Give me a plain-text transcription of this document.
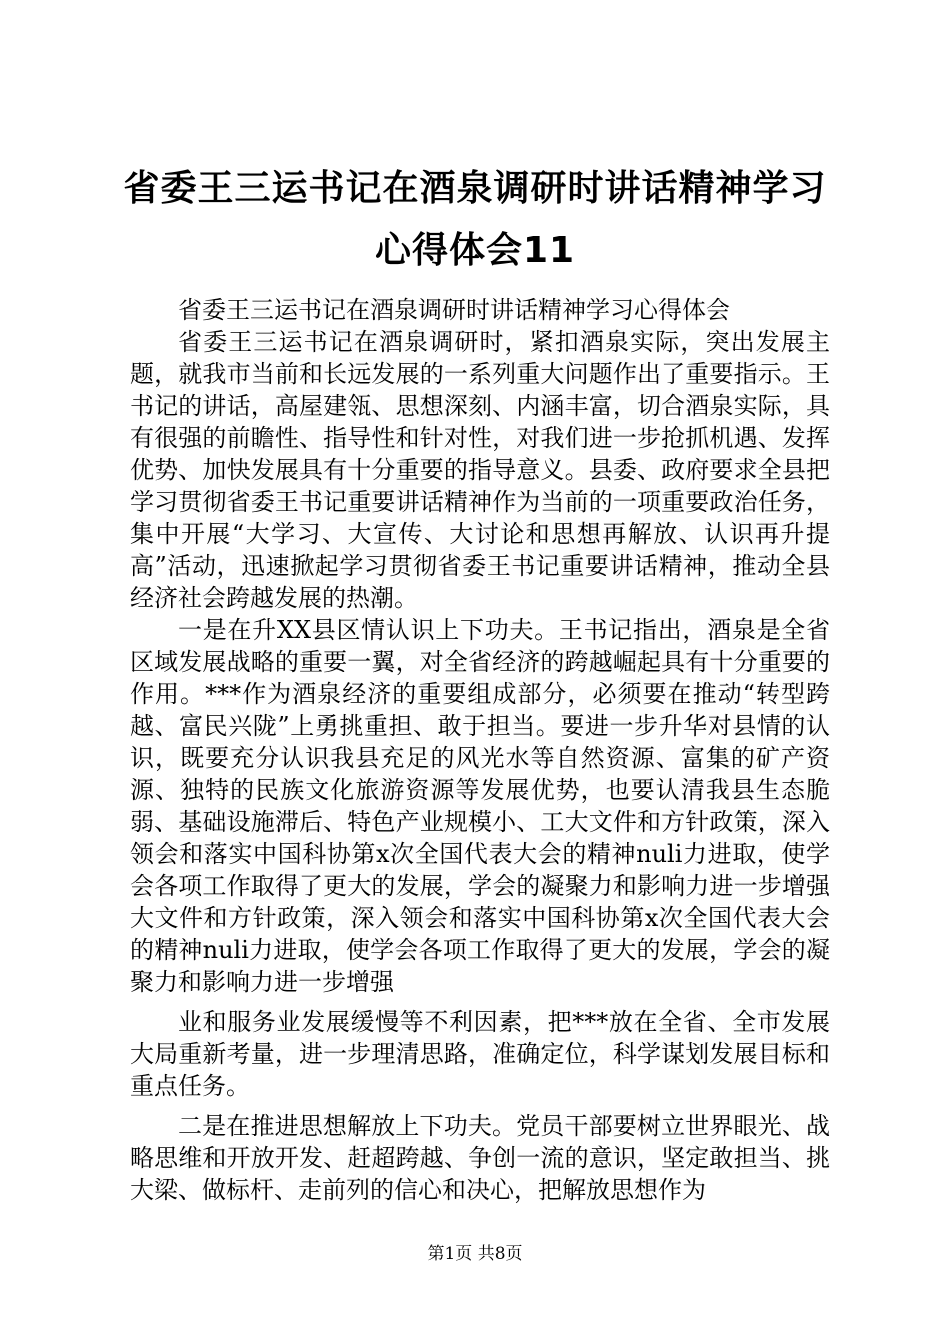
省委王三运书记在酒泉调研时讲话精神学习心得体会11

省委王三运书记在酒泉调研时讲话精神学习心得体会

省委王三运书记在酒泉调研时，紧扣酒泉实际，突出发展主题，就我市当前和长远发展的一系列重大问题作出了重要指示。王书记的讲话，高屋建瓴、思想深刻、内涵丰富，切合酒泉实际，具有很强的前瞻性、指导性和针对性，对我们进一步抢抓机遇、发挥优势、加快发展具有十分重要的指导意义。县委、政府要求全县把学习贯彻省委王书记重要讲话精神作为当前的一项重要政治任务，集中开展“大学习、大宣传、大讨论和思想再解放、认识再升提高”活动，迅速掀起学习贯彻省委王书记重要讲话精神，推动全县经济社会跨越发展的热潮。

一是在升XX县区情认识上下功夫。王书记指出，酒泉是全省区域发展战略的重要一翼，对全省经济的跨越崛起具有十分重要的作用。***作为酒泉经济的重要组成部分，必须要在推动“转型跨越、富民兴陇”上勇挑重担、敢于担当。要进一步升华对县情的认识，既要充分认识我县充足的风光水等自然资源、富集的矿产资源、独特的民族文化旅游资源等发展优势，也要认清我县生态脆弱、基础设施滞后、特色产业规模小、工大文件和方针政策，深入领会和落实中国科协第x次全国代表大会的精神nuli力进取，使学会各项工作取得了更大的发展，学会的凝聚力和影响力进一步增强大文件和方针政策，深入领会和落实中国科协第x次全国代表大会的精神nuli力进取，使学会各项工作取得了更大的发展，学会的凝聚力和影响力进一步增强

业和服务业发展缓慢等不利因素，把***放在全省、全市发展大局重新考量，进一步理清思路，准确定位，科学谋划发展目标和重点任务。

二是在推进思想解放上下功夫。党员干部要树立世界眼光、战略思维和开放开发、赶超跨越、争创一流的意识，坚定敢担当、挑大梁、做标杆、走前列的信心和决心，把解放思想作为

第1页 共8页
